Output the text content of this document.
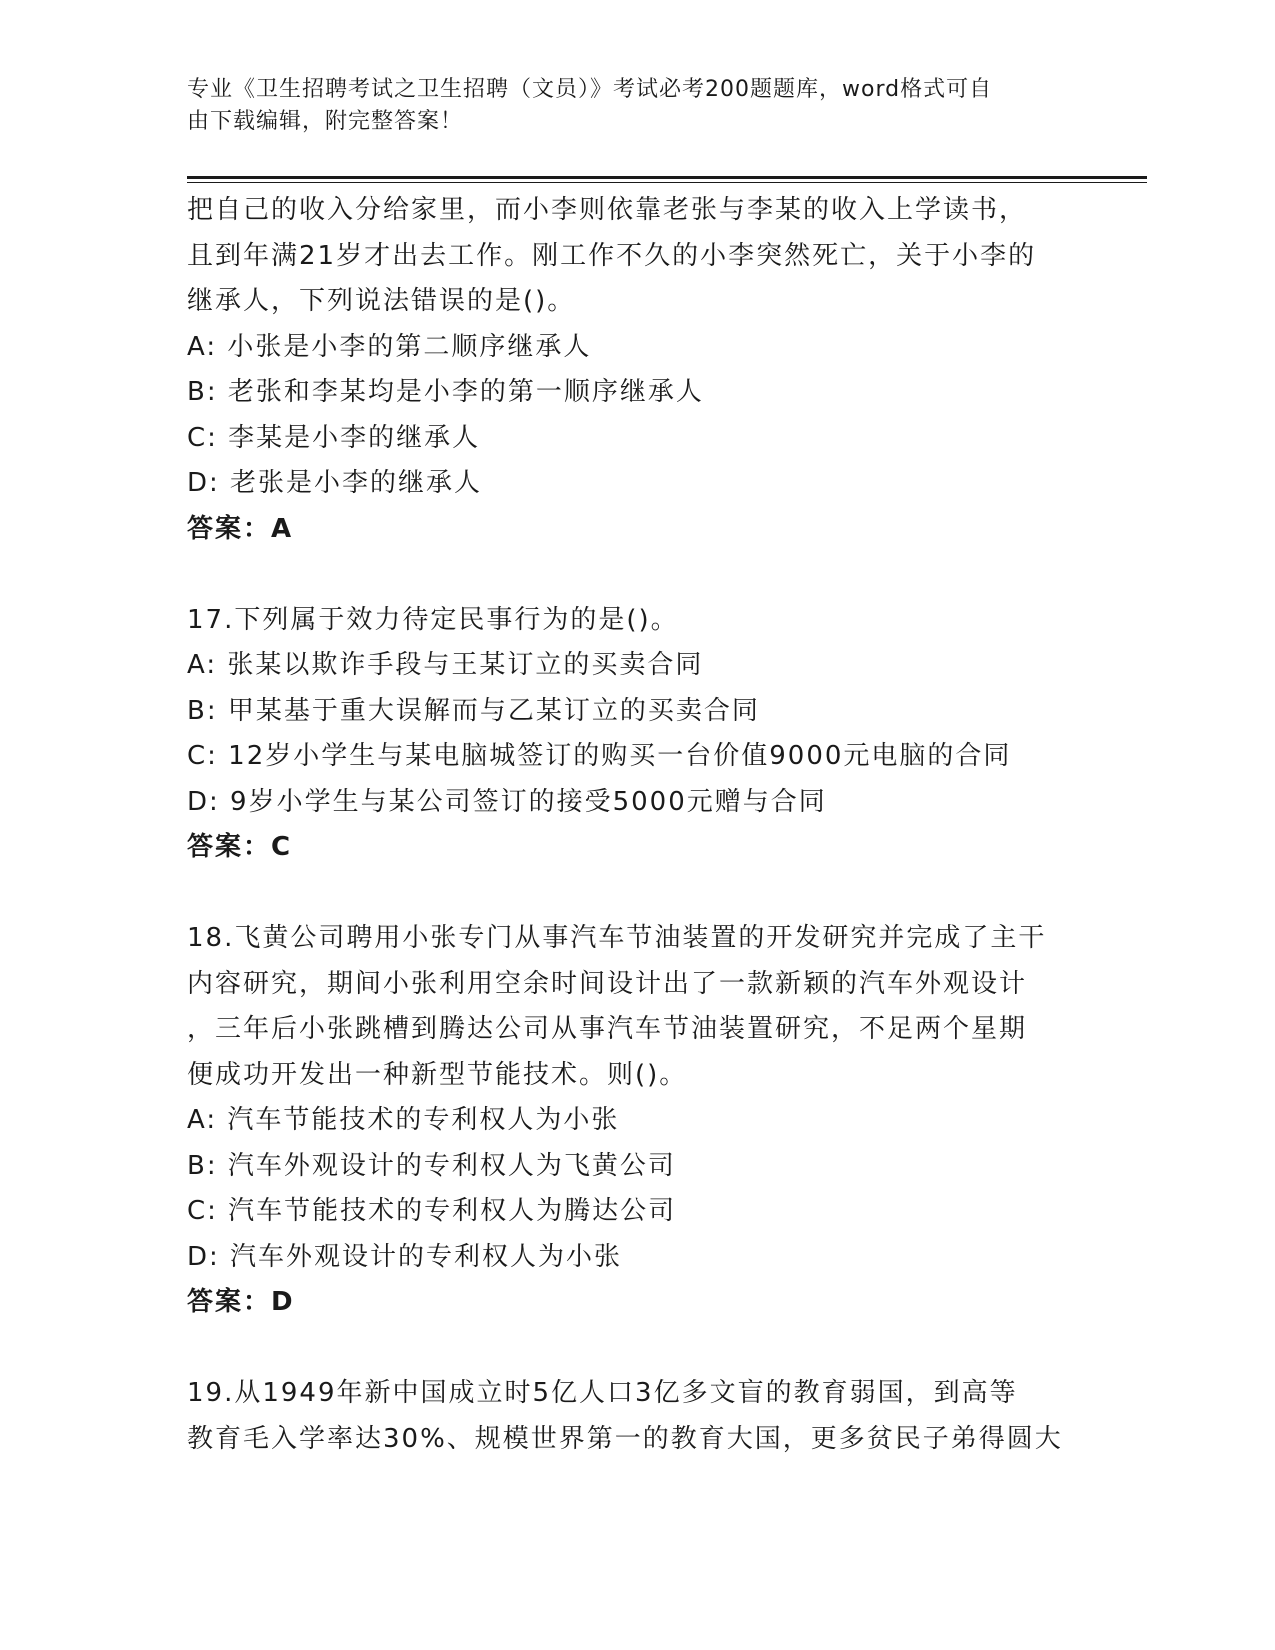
专业《卫生招聘考试之卫生招聘（文员）》考试必考200题题库，word格式可自
由下载编辑，附完整答案！
把自己的收入分给家里，而小李则依靠老张与李某的收入上学读书，
且到年满21岁才出去工作。刚工作不久的小李突然死亡，关于小李的
继承人，下列说法错误的是()。
A: 小张是小李的第二顺序继承人
B: 老张和李某均是小李的第一顺序继承人
C: 李某是小李的继承人
D: 老张是小李的继承人
答案：A
17.下列属于效力待定民事行为的是()。
A: 张某以欺诈手段与王某订立的买卖合同
B: 甲某基于重大误解而与乙某订立的买卖合同
C: 12岁小学生与某电脑城签订的购买一台价值9000元电脑的合同
D: 9岁小学生与某公司签订的接受5000元赠与合同
答案：C
18.飞黄公司聘用小张专门从事汽车节油装置的开发研究并完成了主干
内容研究，期间小张利用空余时间设计出了一款新颖的汽车外观设计
，三年后小张跳槽到腾达公司从事汽车节油装置研究，不足两个星期
便成功开发出一种新型节能技术。则()。
A: 汽车节能技术的专利权人为小张
B: 汽车外观设计的专利权人为飞黄公司
C: 汽车节能技术的专利权人为腾达公司
D: 汽车外观设计的专利权人为小张
答案：D
19.从1949年新中国成立时5亿人口3亿多文盲的教育弱国，到高等
教育毛入学率达30%、规模世界第一的教育大国，更多贫民子弟得圆大
